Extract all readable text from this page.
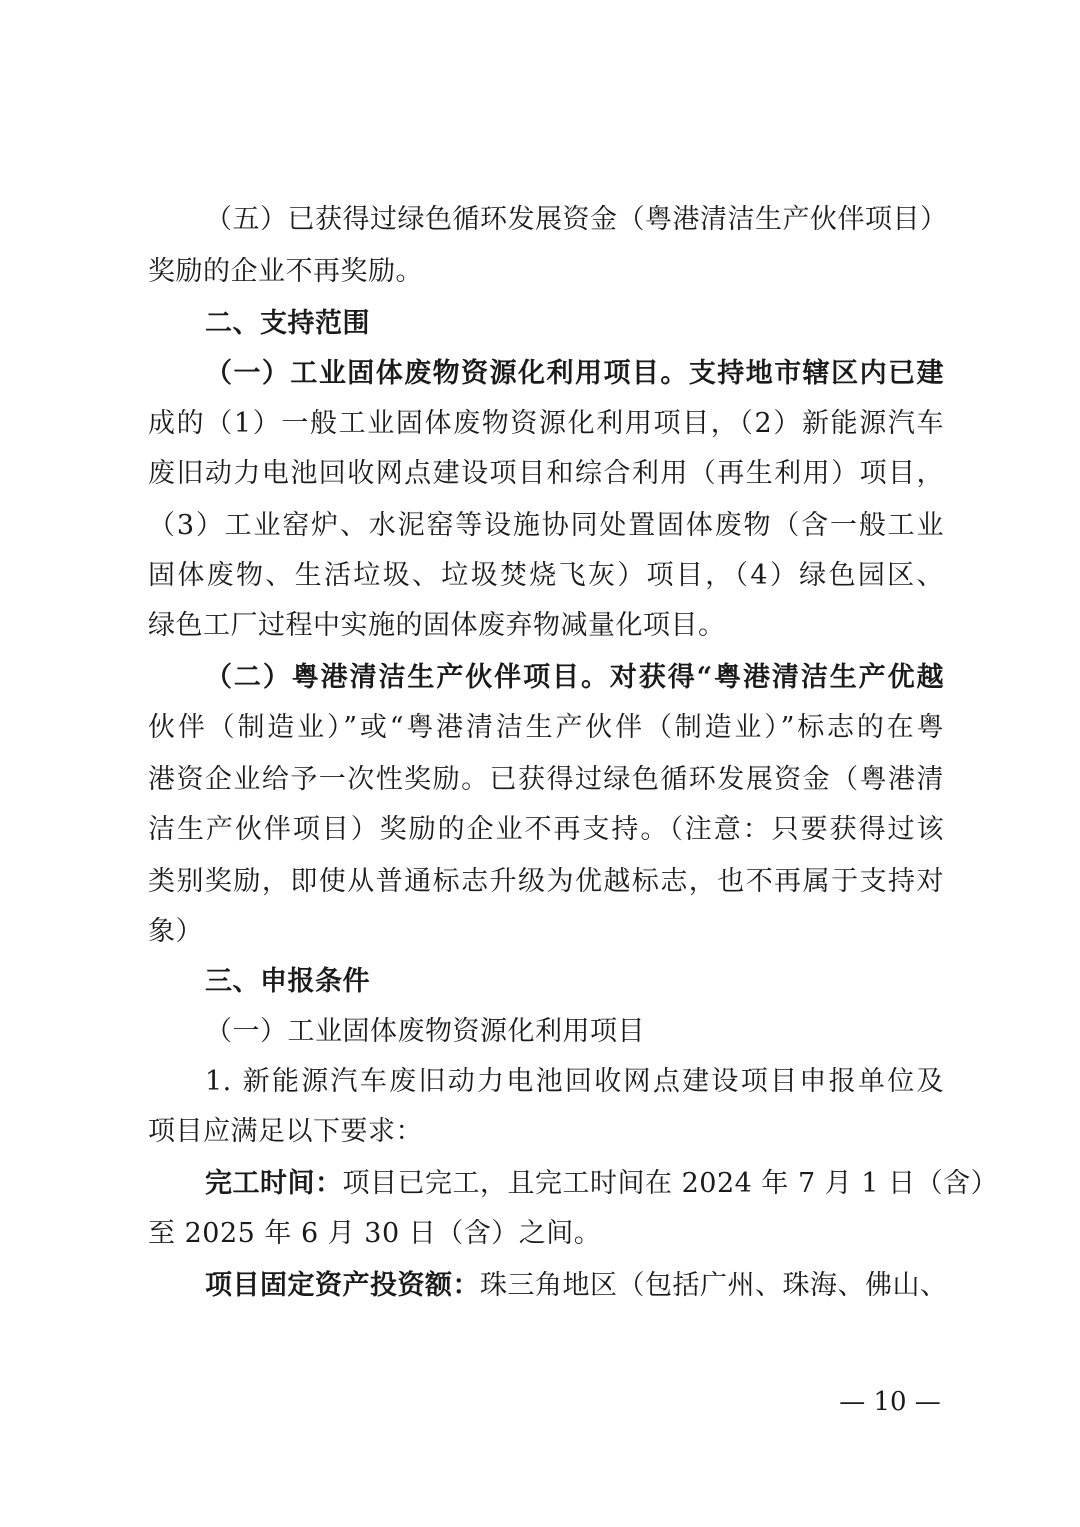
（五）已获得过绿色循环发展资金（粤港清洁生产伙伴项目）
奖励的企业不再奖励。
二、支持范围
（一）工业固体废物资源化利用项目。支持地市辖区内已建
成的（1）一般工业固体废物资源化利用项目，（2）新能源汽车
废旧动力电池回收网点建设项目和综合利用（再生利用）项目，
（3）工业窑炉、水泥窑等设施协同处置固体废物（含一般工业
固体废物、生活垃圾、垃圾焚烧飞灰）项目，（4）绿色园区、
绿色工厂过程中实施的固体废弃物减量化项目。
（二）粤港清洁生产伙伴项目。对获得“粤港清洁生产优越
伙伴（制造业）”或“粤港清洁生产伙伴（制造业）”标志的在粤
港资企业给予一次性奖励。已获得过绿色循环发展资金（粤港清
洁生产伙伴项目）奖励的企业不再支持。（注意：只要获得过该
类别奖励，即使从普通标志升级为优越标志，也不再属于支持对
象）
三、申报条件
（一）工业固体废物资源化利用项目
1. 新能源汽车废旧动力电池回收网点建设项目申报单位及
项目应满足以下要求：
完工时间：项目已完工，且完工时间在 2024 年 7 月 1 日（含）
至 2025 年 6 月 30 日（含）之间。
项目固定资产投资额：珠三角地区（包括广州、珠海、佛山、
— 10 —
